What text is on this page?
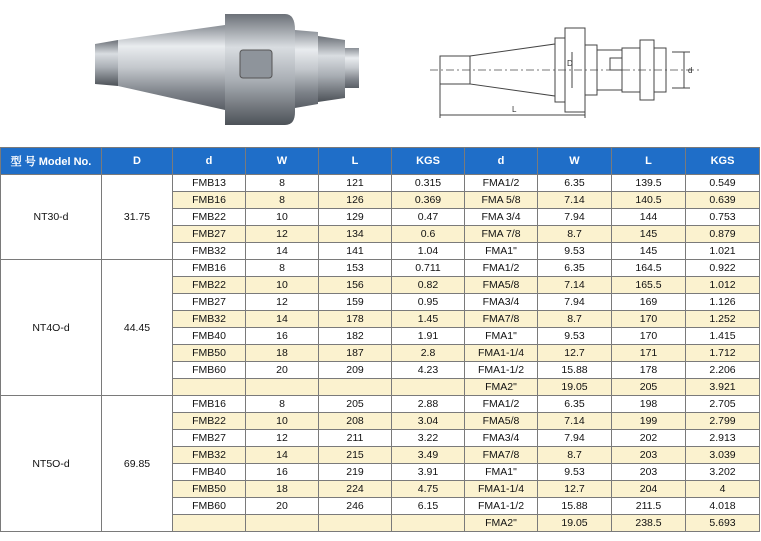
D
d
L
型 号 Model No.	D	d	W	L	KGS	d	W	L	KGS
NT30-d	31.75	FMB13	8	121	0.315	FMA1/2	6.35	139.5	0.549
		FMB16	8	126	0.369	FMA 5/8	7.14	140.5	0.639
		FMB22	10	129	0.47	FMA 3/4	7.94	144	0.753
		FMB27	12	134	0.6	FMA 7/8	8.7	145	0.879
		FMB32	14	141	1.04	FMA1"	9.53	145	1.021
NT4O-d	44.45	FMB16	8	153	0.711	FMA1/2	6.35	164.5	0.922
		FMB22	10	156	0.82	FMA5/8	7.14	165.5	1.012
		FMB27	12	159	0.95	FMA3/4	7.94	169	1.126
		FMB32	14	178	1.45	FMA7/8	8.7	170	1.252
		FMB40	16	182	1.91	FMA1"	9.53	170	1.415
		FMB50	18	187	2.8	FMA1-1/4	12.7	171	1.712
		FMB60	20	209	4.23	FMA1-1/2	15.88	178	2.206
						FMA2"	19.05	205	3.921
NT5O-d	69.85	FMB16	8	205	2.88	FMA1/2	6.35	198	2.705
		FMB22	10	208	3.04	FMA5/8	7.14	199	2.799
		FMB27	12	211	3.22	FMA3/4	7.94	202	2.913
		FMB32	14	215	3.49	FMA7/8	8.7	203	3.039
		FMB40	16	219	3.91	FMA1"	9.53	203	3.202
		FMB50	18	224	4.75	FMA1-1/4	12.7	204	4
		FMB60	20	246	6.15	FMA1-1/2	15.88	211.5	4.018
						FMA2"	19.05	238.5	5.693
